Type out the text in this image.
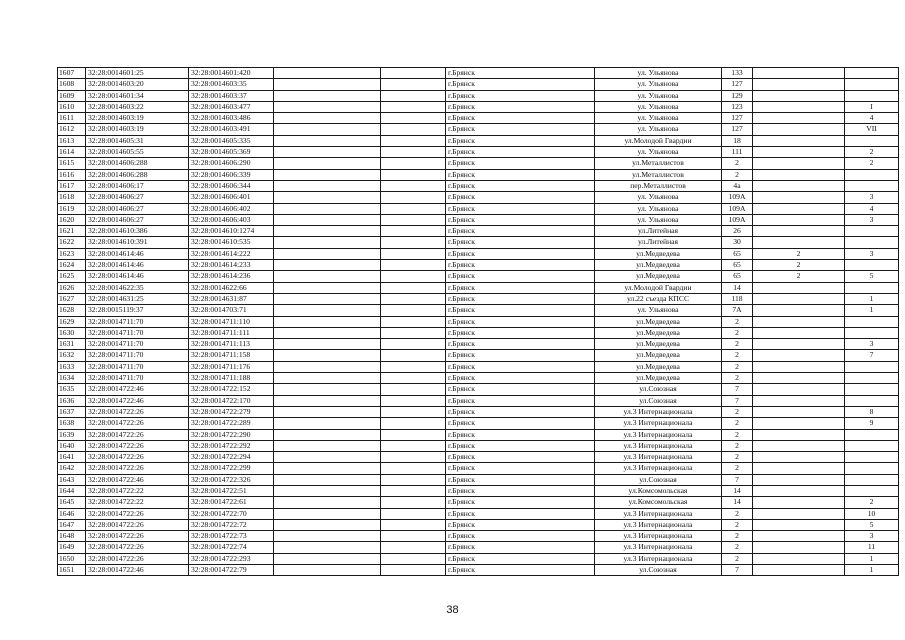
1607	32:28:0014601:25	32:28:0014601:420			г.Брянск	ул. Ульянова	133		
1608	32:28:0014603:20	32:28:0014603:35			г.Брянск	ул. Ульянова	127		
1609	32:28:0014601:34	32:28:0014603:37			г.Брянск	ул. Ульянова	129		
1610	32:28:0014603:22	32:28:0014603:477			г.Брянск	ул. Ульянова	123		I
1611	32:28:0014603:19	32:28:0014603:486			г.Брянск	ул. Ульянова	127		4
1612	32:28:0014603:19	32:28:0014603:491			г.Брянск	ул. Ульянова	127		VII
1613	32:28:0014605:31	32:28:0014605:335			г.Брянск	ул.Молодой Гвардии	18		
1614	32:28:0014605:55	32:28:0014605:369			г.Брянск	ул. Ульянова	111		2
1615	32:28:0014606:288	32:28:0014606:290			г.Брянск	ул.Металлистов	2		2
1616	32:28:0014606:288	32:28:0014606:339			г.Брянск	ул.Металлистов	2		
1617	32:28:0014606:17	32:28:0014606:344			г.Брянск	пер.Металлистов	4а		
1618	32:28:0014606:27	32:28:0014606:401			г.Брянск	ул. Ульянова	109А		3
1619	32:28:0014606:27	32:28:0014606:402			г.Брянск	ул. Ульянова	109А		4
1620	32:28:0014606:27	32:28:0014606:403			г.Брянск	ул. Ульянова	109А		3
1621	32:28:0014610:386	32:28:0014610:1274			г.Брянск	ул.Литейная	26		
1622	32:28:0014610:391	32:28:0014610:535			г.Брянск	ул.Литейная	30		
1623	32:28:0014614:46	32:28:0014614:222			г.Брянск	ул.Медведева	65	2	3
1624	32:28:0014614:46	32:28:0014614:233			г.Брянск	ул.Медведева	65	2	
1625	32:28:0014614:46	32:28:0014614:236			г.Брянск	ул.Медведева	65	2	5
1626	32:28:0014622:35	32:28:0014622:66			г.Брянск	ул.Молодой Гвардии	14		
1627	32:28:0014631:25	32:28:0014631:87			г.Брянск	ул.22 съезда КПСС	118		1
1628	32:28:0015119:37	32:28:0014703:71			г.Брянск	ул. Ульянова	7А		1
1629	32:28:0014711:70	32:28:0014711:110			г.Брянск	ул.Медведева	2		
1630	32:28:0014711:70	32:28:0014711:111			г.Брянск	ул.Медведева	2		
1631	32:28:0014711:70	32:28:0014711:113			г.Брянск	ул.Медведева	2		3
1632	32:28:0014711:70	32:28:0014711:158			г.Брянск	ул.Медведева	2		7
1633	32:28:0014711:70	32:28:0014711:176			г.Брянск	ул.Медведева	2		
1634	32:28:0014711:70	32:28:0014711:188			г.Брянск	ул.Медведева	2		
1635	32:28:0014722:46	32:28:0014722:152			г.Брянск	ул.Союзная	7		
1636	32:28:0014722:46	32:28:0014722:170			г.Брянск	ул.Союзная	7		
1637	32:28:0014722:26	32:28:0014722:279			г.Брянск	ул.3 Интернационала	2		8
1638	32:28:0014722:26	32:28:0014722:289			г.Брянск	ул.3 Интернационала	2		9
1639	32:28:0014722:26	32:28:0014722:290			г.Брянск	ул.3 Интернационала	2		
1640	32:28:0014722:26	32:28:0014722:292			г.Брянск	ул.3 Интернационала	2		
1641	32:28:0014722:26	32:28:0014722:294			г.Брянск	ул.3 Интернационала	2		
1642	32:28:0014722:26	32:28:0014722:299			г.Брянск	ул.3 Интернационала	2		
1643	32:28:0014722:46	32:28:0014722:326			г.Брянск	ул.Союзная	7		
1644	32:28:0014722:22	32:28:0014722:51			г.Брянск	ул.Комсомольская	14		
1645	32:28:0014722:22	32:28:0014722:61			г.Брянск	ул.Комсомольская	14		2
1646	32:28:0014722:26	32:28:0014722:70			г.Брянск	ул.3 Интернационала	2		10
1647	32:28:0014722:26	32:28:0014722:72			г.Брянск	ул.3 Интернационала	2		5
1648	32:28:0014722:26	32:28:0014722:73			г.Брянск	ул.3 Интернационала	2		3
1649	32:28:0014722:26	32:28:0014722:74			г.Брянск	ул.3 Интернационала	2		11
1650	32:28:0014722:26	32:28:0014722:293			г.Брянск	ул.3 Интернационала	2		1
1651	32:28:0014722:46	32:28:0014722:79			г.Брянск	ул.Союзная	7		1
38
